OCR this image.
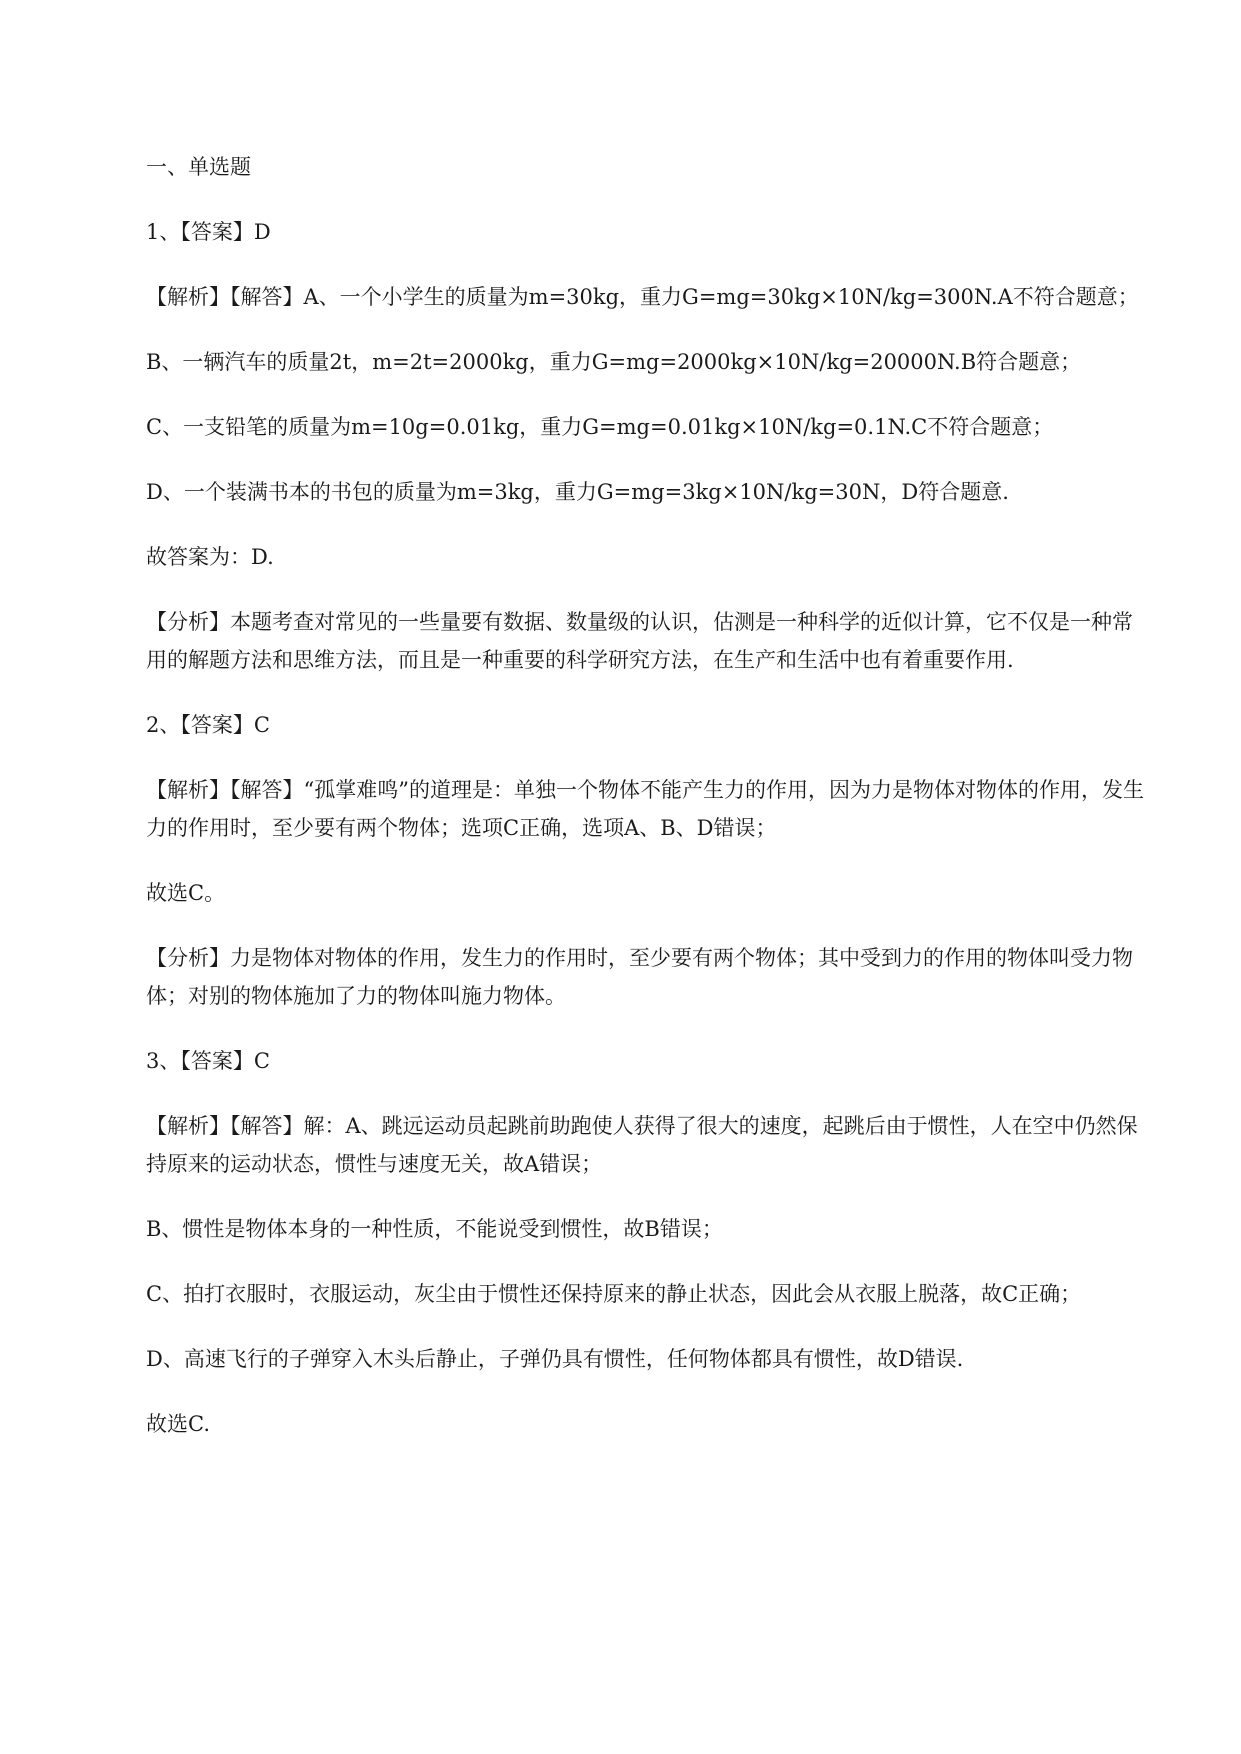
一、单选题

1、【答案】D

【解析】【解答】A、一个小学生的质量为m=30kg，重力G=mg=30kg×10N/kg=300N.A不符合题意；

B、一辆汽车的质量2t，m=2t=2000kg，重力G=mg=2000kg×10N/kg=20000N.B符合题意；

C、一支铅笔的质量为m=10g=0.01kg，重力G=mg=0.01kg×10N/kg=0.1N.C不符合题意；

D、一个装满书本的书包的质量为m=3kg，重力G=mg=3kg×10N/kg=30N，D符合题意.

故答案为：D.

【分析】本题考查对常见的一些量要有数据、数量级的认识，估测是一种科学的近似计算，它不仅是一种常用的解题方法和思维方法，而且是一种重要的科学研究方法，在生产和生活中也有着重要作用.

2、【答案】C

【解析】【解答】“孤掌难鸣”的道理是：单独一个物体不能产生力的作用，因为力是物体对物体的作用，发生力的作用时，至少要有两个物体；选项C正确，选项A、B、D错误；

故选C。

【分析】力是物体对物体的作用，发生力的作用时，至少要有两个物体；其中受到力的作用的物体叫受力物体；对别的物体施加了力的物体叫施力物体。

3、【答案】C

【解析】【解答】解：A、跳远运动员起跳前助跑使人获得了很大的速度，起跳后由于惯性，人在空中仍然保持原来的运动状态，惯性与速度无关，故A错误；

B、惯性是物体本身的一种性质，不能说受到惯性，故B错误；

C、拍打衣服时，衣服运动，灰尘由于惯性还保持原来的静止状态，因此会从衣服上脱落，故C正确；

D、高速飞行的子弹穿入木头后静止，子弹仍具有惯性，任何物体都具有惯性，故D错误.

故选C.
